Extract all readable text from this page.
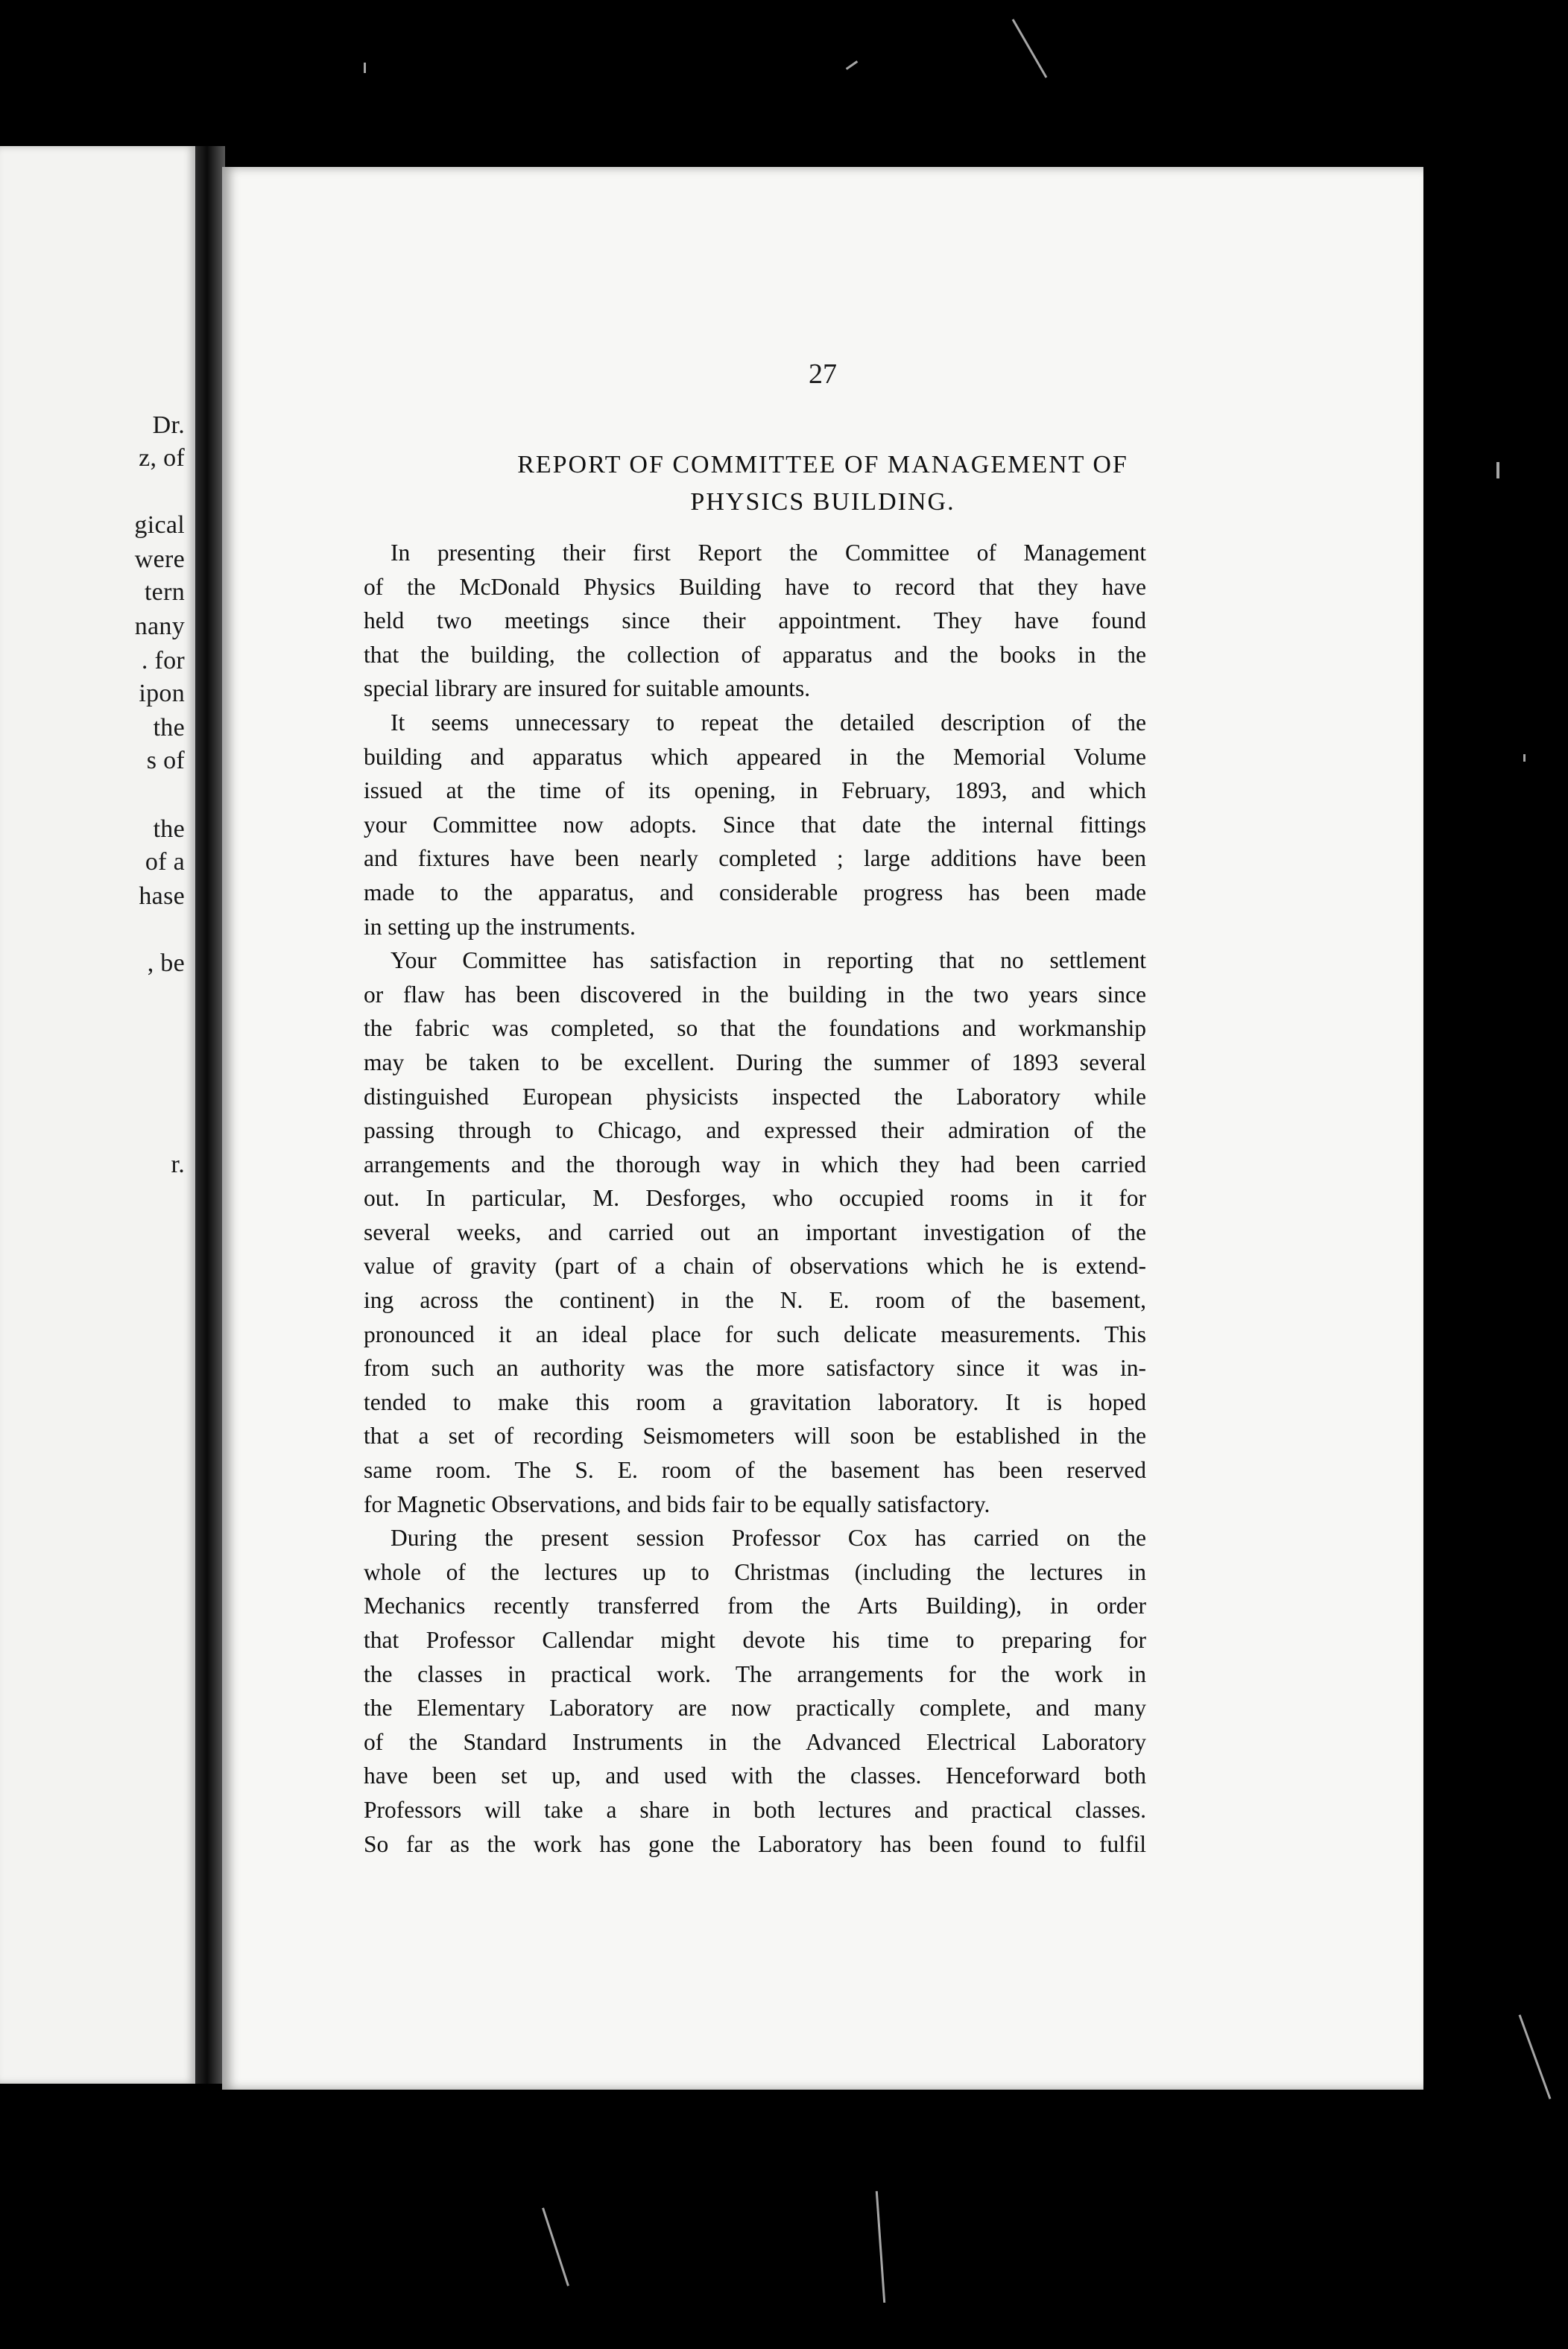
Dr.
z, of
gical
were
tern
nany
. for
ipon
the
s of
the
of a
hase
, be
r.
27
REPORT OF COMMITTEE OF MANAGEMENT OF
PHYSICS BUILDING.

In presenting their first Report the Committee of Management
of the McDonald Physics Building have to record that they have
held two meetings since their appointment. They have found
that the building, the collection of apparatus and the books in the
special library are insured for suitable amounts.

It seems unnecessary to repeat the detailed description of the
building and apparatus which appeared in the Memorial Volume
issued at the time of its opening, in February, 1893, and which
your Committee now adopts. Since that date the internal fittings
and fixtures have been nearly completed ; large additions have been
made to the apparatus, and considerable progress has been made
in setting up the instruments.

Your Committee has satisfaction in reporting that no settlement
or flaw has been discovered in the building in the two years since
the fabric was completed, so that the foundations and workmanship
may be taken to be excellent. During the summer of 1893 several
distinguished European physicists inspected the Laboratory while
passing through to Chicago, and expressed their admiration of the
arrangements and the thorough way in which they had been carried
out. In particular, M. Desforges, who occupied rooms in it for
several weeks, and carried out an important investigation of the
value of gravity (part of a chain of observations which he is extend-
ing across the continent) in the N. E. room of the basement,
pronounced it an ideal place for such delicate measurements. This
from such an authority was the more satisfactory since it was in-
tended to make this room a gravitation laboratory. It is hoped
that a set of recording Seismometers will soon be established in the
same room. The S. E. room of the basement has been reserved
for Magnetic Observations, and bids fair to be equally satisfactory.

During the present session Professor Cox has carried on the
whole of the lectures up to Christmas (including the lectures in
Mechanics recently transferred from the Arts Building), in order
that Professor Callendar might devote his time to preparing for
the classes in practical work. The arrangements for the work in
the Elementary Laboratory are now practically complete, and many
of the Standard Instruments in the Advanced Electrical Laboratory
have been set up, and used with the classes. Henceforward both
Professors will take a share in both lectures and practical classes.
So far as the work has gone the Laboratory has been found to fulfil
